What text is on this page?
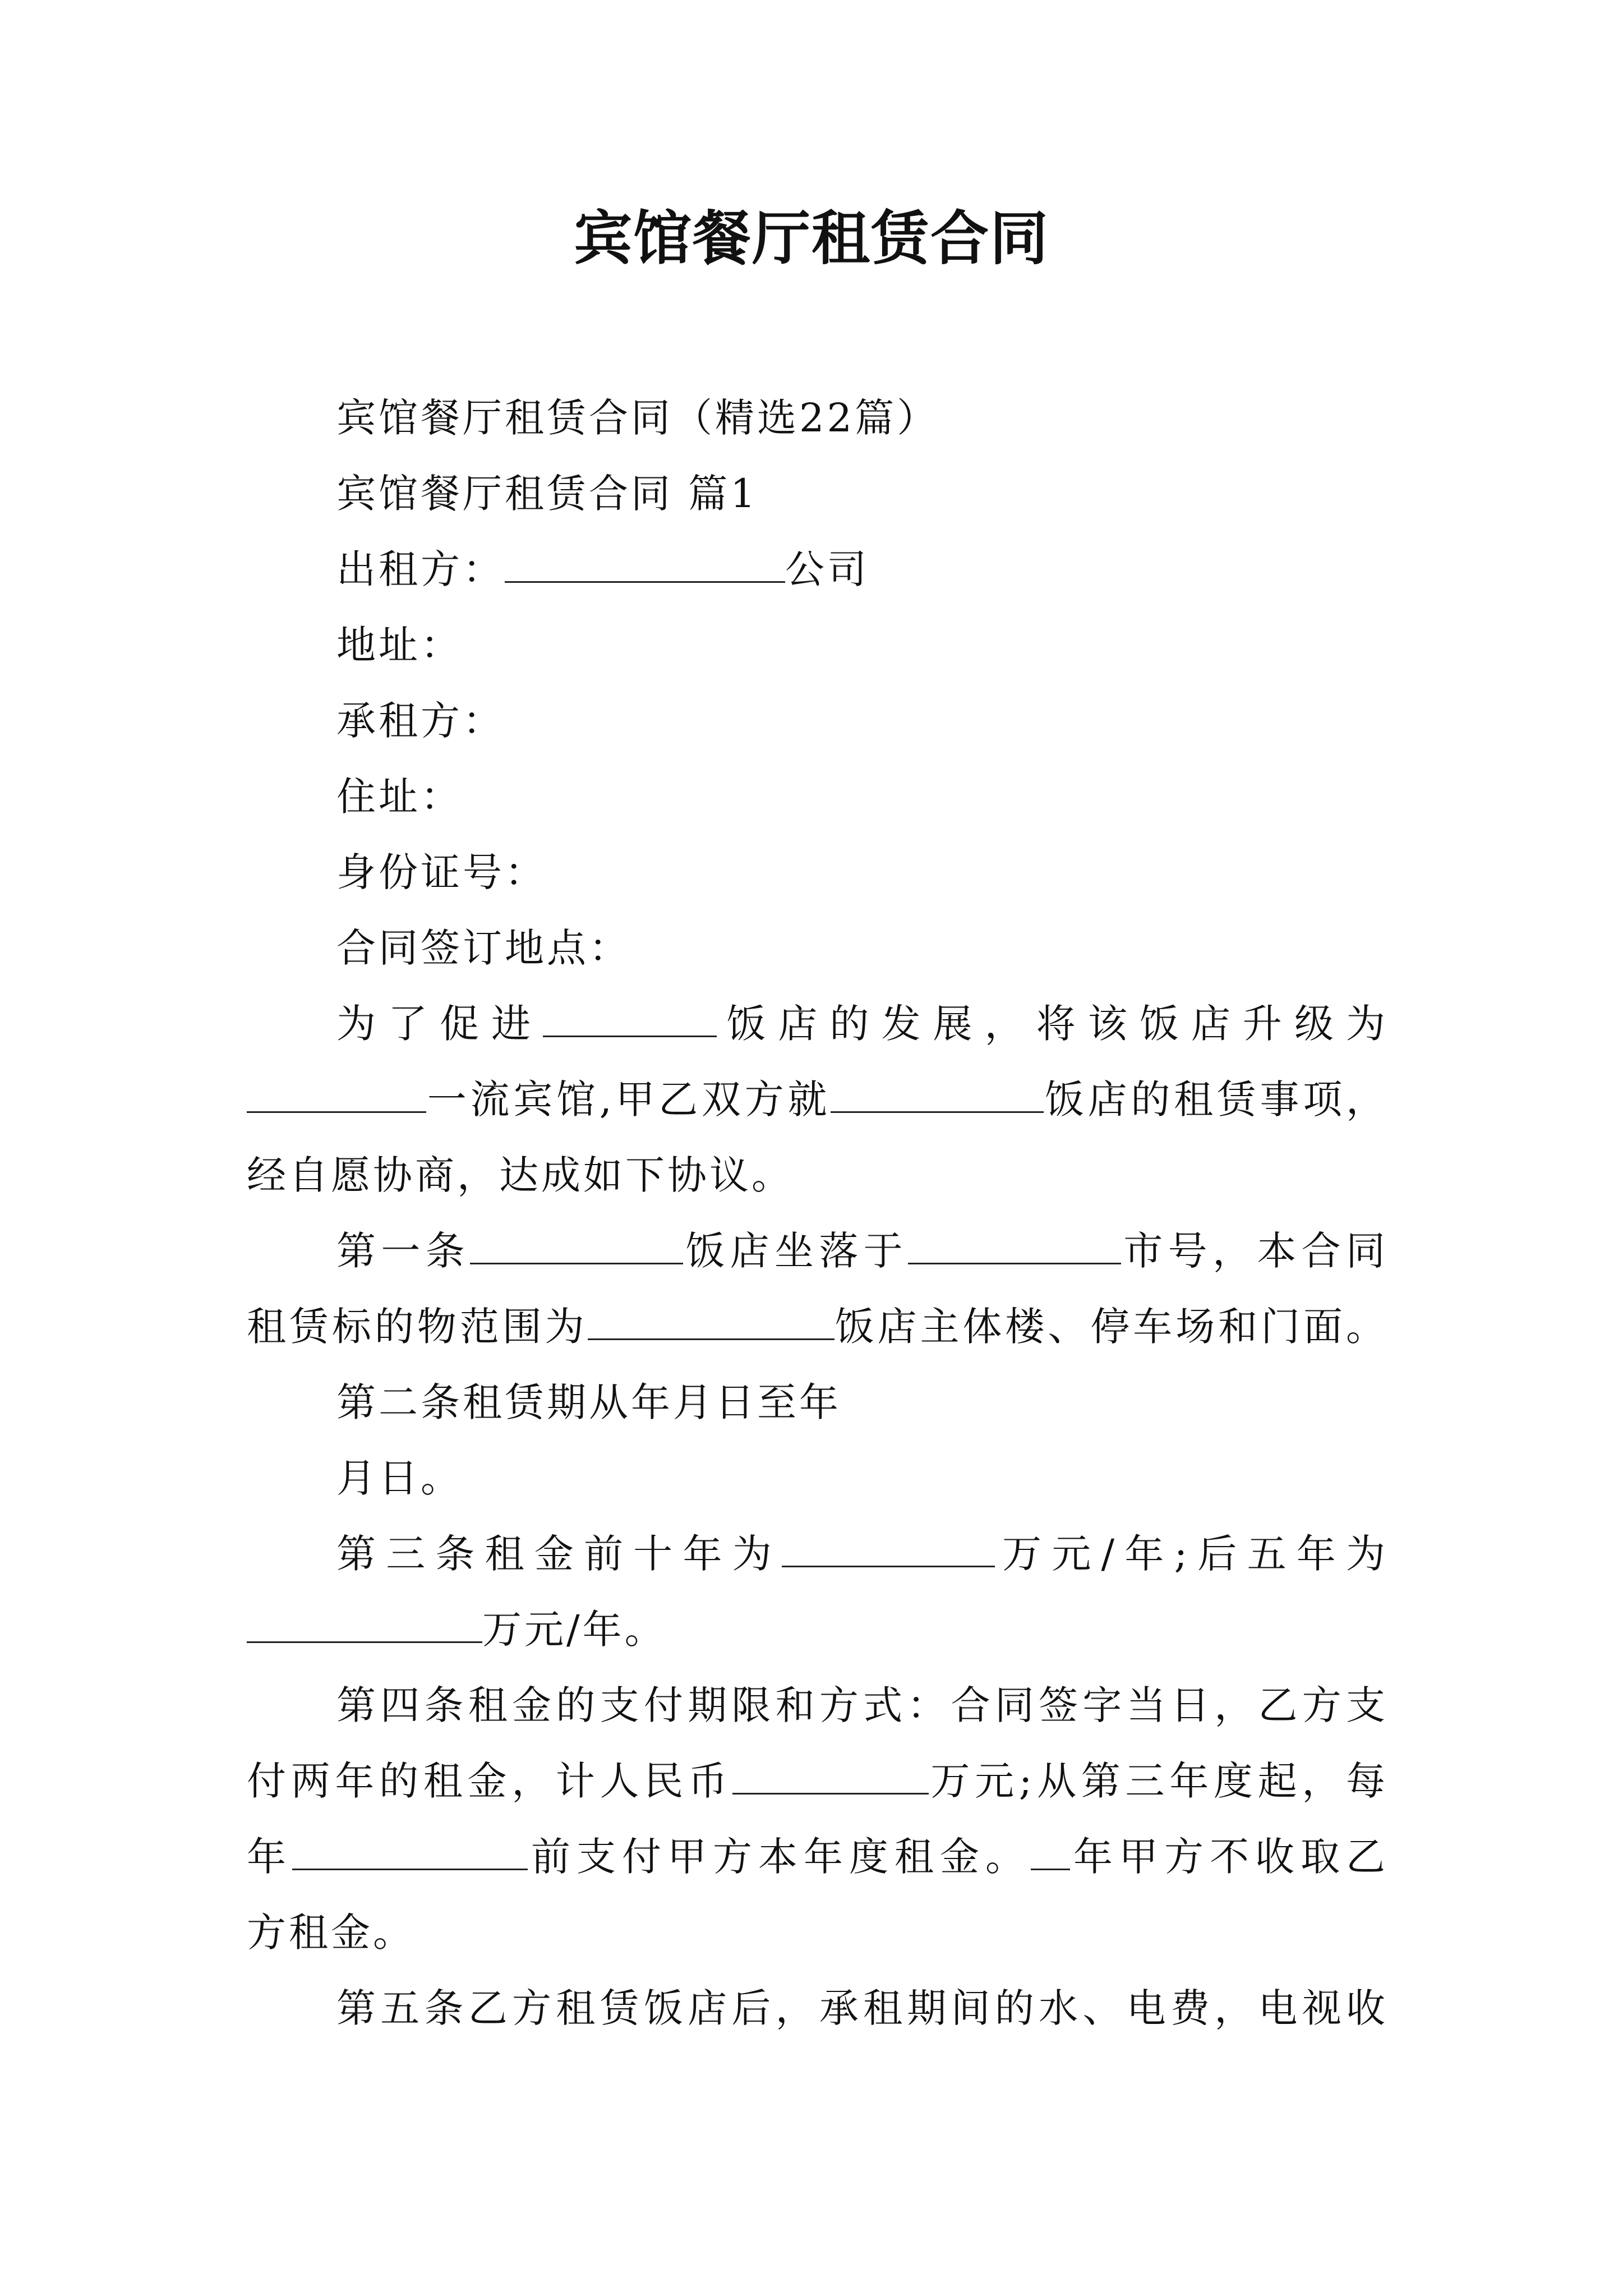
宾馆餐厅租赁合同
宾馆餐厅租赁合同（精选22篇）
宾馆餐厅租赁合同 篇1
出租方：	公司
地址：
承租方：
住址：
身份证号：
合同签订地点：
为了促进	饭店的发展，将该饭店升级为
一流宾馆,甲乙双方就	饭店的租赁事项，
经自愿协商，达成如下协议。
第一条	饭店坐落于	市号，本合同
租赁标的物范围为	饭店主体楼、停车场和门面。
第二条租赁期从年月日至年
月日。
第三条租金前十年为	万元/年;后五年为
万元/年。
第四条租金的支付期限和方式：合同签字当日，乙方支
付两年的租金，计人民币	万元;从第三年度起，每
年	前支付甲方本年度租金。 年甲方不收取乙
方租金。
第五条乙方租赁饭店后，承租期间的水、电费，电视收
